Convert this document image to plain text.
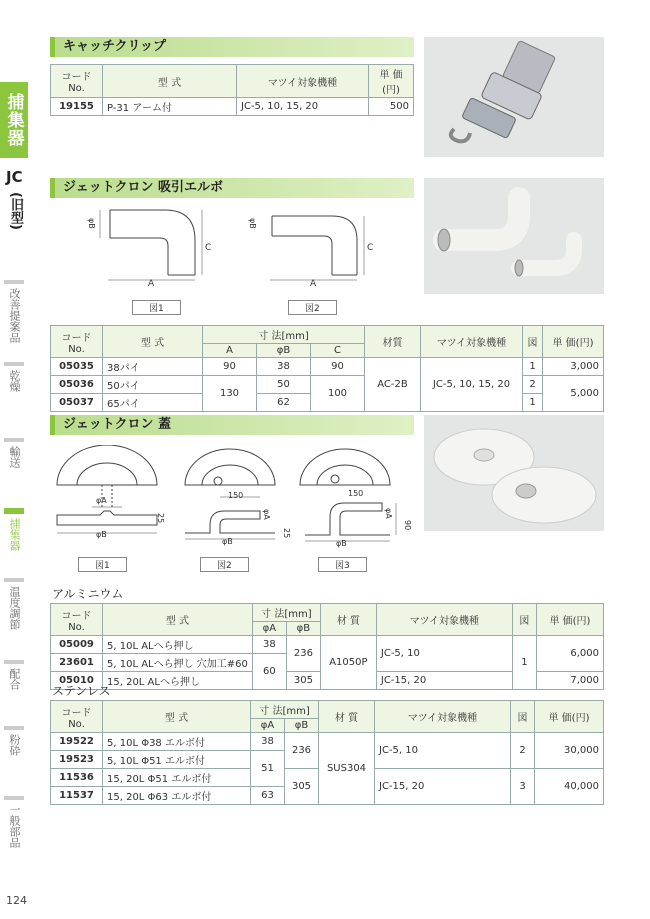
捕集器
JC
(旧型)
改善提案品
乾燥
輸送
捕集器
温度調節
配合
粉砕
一般部品
124
キャッチクリップ
コードNo.	型 式	マツイ対象機種	単 価(円)
19155	P-31 アーム付	JC-5, 10, 15, 20	500
ジェットクロン 吸引エルボ
φB
A
C
図1
φB
A
C
図2
コードNo.	型 式	寸 法[mm]			材質	マツイ対象機種	図	単 価(円)
		A	φB	C				
05035	38パイ	90	38	90	AC-2B	JC-5, 10, 15, 20	1	3,000
05036	50パイ	130	50	100			2	5,000
05037	65パイ		62				1	
ジェットクロン 蓋
φA
φB
25
図1
150
φA
φB
図2
150
φA
90
25
φB
図3
アルミニウム
コードNo.	型 式	寸 法[mm]		材 質	マツイ対象機種	図	単 価(円)
		φA	φB				
05009	5, 10L ALへら押し	38	236	A1050P	JC-5, 10	1	6,000
23601	5, 10L ALへら押し 穴加工#60	60					
05010	15, 20L ALへら押し		305		JC-15, 20		7,000
ステンレス
コードNo.	型 式	寸 法[mm]		材 質	マツイ対象機種	図	単 価(円)
		φA	φB				
19522	5, 10L Φ38 エルボ付	38	236	SUS304	JC-5, 10	2	30,000
19523	5, 10L Φ51 エルボ付	51					
11536	15, 20L Φ51 エルボ付		305		JC-15, 20	3	40,000
11537	15, 20L Φ63 エルボ付	63					
